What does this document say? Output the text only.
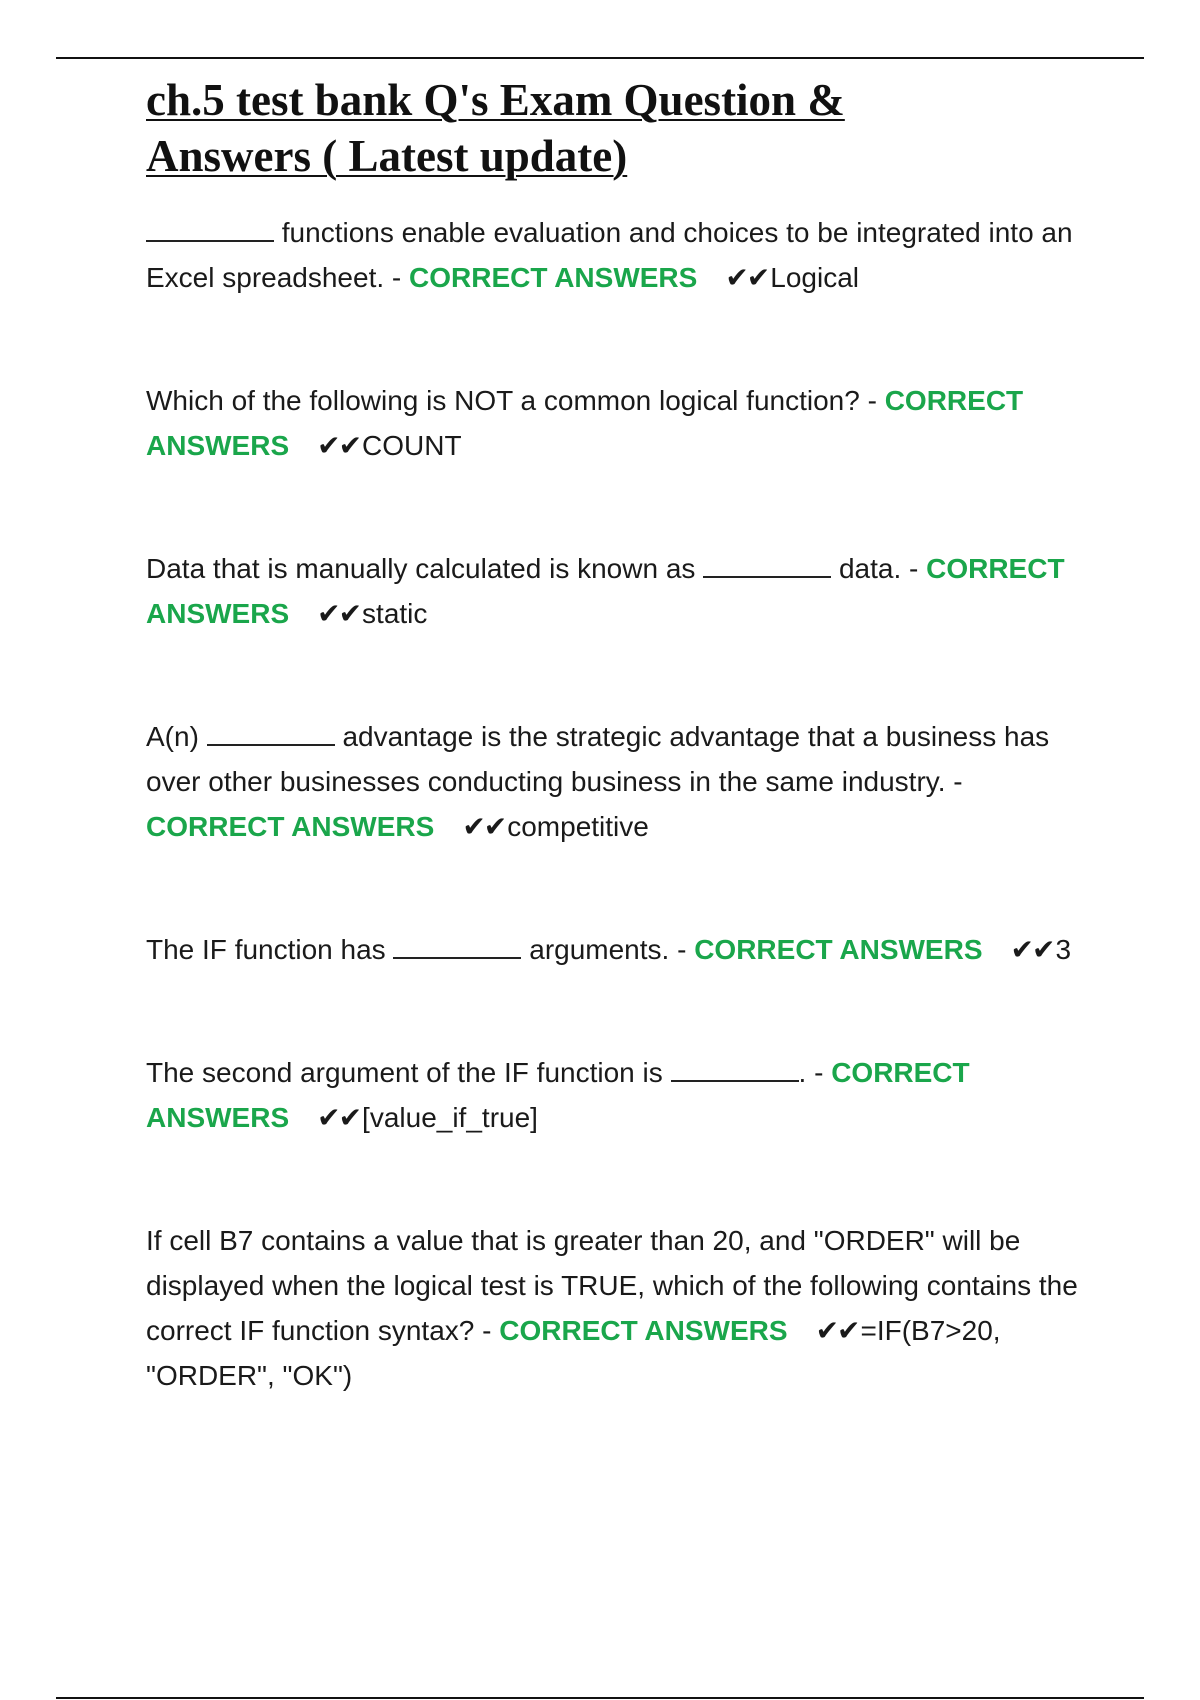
ch.5 test bank Q's Exam Question &
Answers ( Latest update)

functions enable evaluation and choices to be integrated into an Excel spreadsheet. - CORRECT ANSWERS ✔✔Logical

Which of the following is NOT a common logical function? - CORRECT ANSWERS ✔✔COUNT

Data that is manually calculated is known as	data. - CORRECT ANSWERS ✔✔static

A(n)	advantage is the strategic advantage that a business has over other businesses conducting business in the same industry. - CORRECT ANSWERS ✔✔competitive

The IF function has	arguments. - CORRECT ANSWERS ✔✔3

The second argument of the IF function is	. - CORRECT ANSWERS ✔✔[value_if_true]

If cell B7 contains a value that is greater than 20, and "ORDER" will be displayed when the logical test is TRUE, which of the following contains the correct IF function syntax? - CORRECT ANSWERS ✔✔=IF(B7>20, "ORDER", "OK")
